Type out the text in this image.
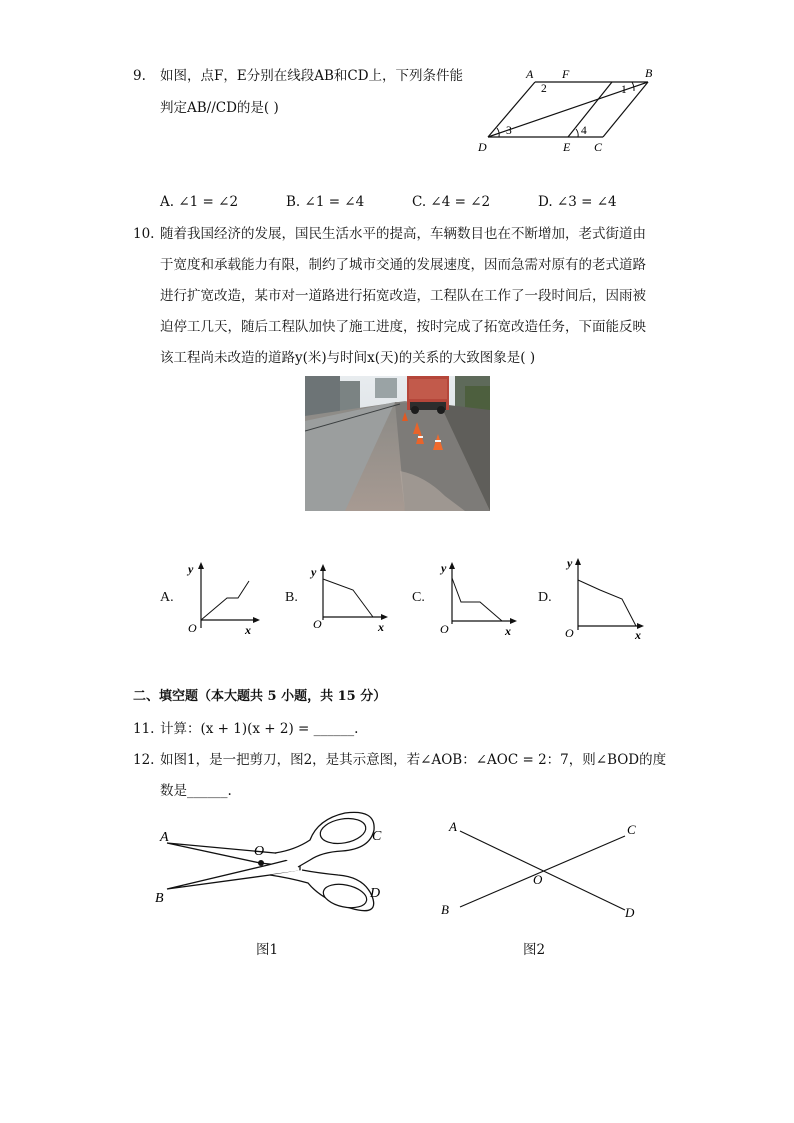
9. 如图，点F，E分别在线段AB和CD上，下列条件能
判定AB//CD的是( )
A F	B
D	E C
1
2
3	4
A. ∠1 = ∠2	B. ∠1 = ∠4	C. ∠4 = ∠2	D. ∠3 = ∠4
10. 随着我国经济的发展，国民生活水平的提高，车辆数目也在不断增加，老式街道由
于宽度和承载能力有限，制约了城市交通的发展速度，因而急需对原有的老式道路
进行扩宽改造，某市对一道路进行拓宽改造，工程队在工作了一段时间后，因雨被
迫停工几天，随后工程队加快了施工进度，按时完成了拓宽改造任务，下面能反映
该工程尚未改造的道路y(米)与时间x(天)的关系的大致图象是( )
A.
y
x
O
B.
y
x
O
C.
y
x
O
D.
y
x
O
二、填空题（本大题共 5 小题，共 15 分）
11. 计算：(x + 1)(x + 2) = ______.
12. 如图1，是一把剪刀，图2，是其示意图，若∠AOB：∠AOC = 2：7，则∠BOD的度
数是______.
A
B
C
D
O
图1
A
B
C
D
O
图2
